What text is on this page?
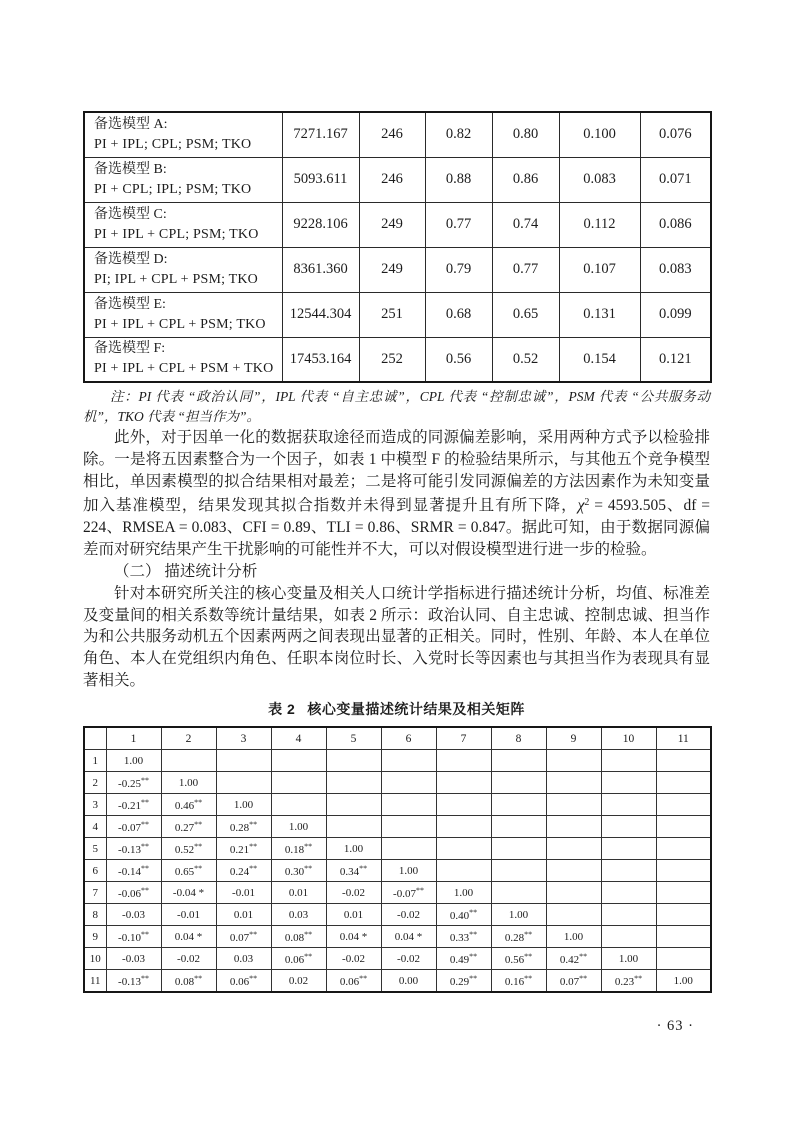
备选模型 A:
PI + IPL; CPL; PSM; TKO	7271.167	246	0.82	0.80	0.100	0.076

备选模型 B:
PI + CPL; IPL; PSM; TKO	5093.611	246	0.88	0.86	0.083	0.071

备选模型 C:
PI + IPL + CPL; PSM; TKO	9228.106	249	0.77	0.74	0.112	0.086

备选模型 D:
PI; IPL + CPL + PSM; TKO	8361.360	249	0.79	0.77	0.107	0.083

备选模型 E:
PI + IPL + CPL + PSM; TKO	12544.304	251	0.68	0.65	0.131	0.099

备选模型 F:
PI + IPL + CPL + PSM + TKO	17453.164	252	0.56	0.52	0.154	0.121

注：PI 代表 “政治认同”，IPL 代表 “自主忠诚”，CPL 代表 “控制忠诚”，PSM 代表 “公共服务动机”，TKO 代表 “担当作为”。

此外，对于因单一化的数据获取途径而造成的同源偏差影响，采用两种方式予以检验排除。一是将五因素整合为一个因子，如表 1 中模型 F 的检验结果所示，与其他五个竞争模型相比，单因素模型的拟合结果相对最差；二是将可能引发同源偏差的方法因素作为未知变量加入基准模型，结果发现其拟合指数并未得到显著提升且有所下降，$\chi^2 = 4593.505$、df = 224、RMSEA = 0.083、CFI = 0.89、TLI = 0.86、SRMR = 0.847。据此可知，由于数据同源偏差而对研究结果产生干扰影响的可能性并不大，可以对假设模型进行进一步的检验。

（二） 描述统计分析

针对本研究所关注的核心变量及相关人口统计学指标进行描述统计分析，均值、标准差及变量间的相关系数等统计量结果，如表 2 所示：政治认同、自主忠诚、控制忠诚、担当作为和公共服务动机五个因素两两之间表现出显著的正相关。同时，性别、年龄、本人在单位角色、本人在党组织内角色、任职本岗位时长、入党时长等因素也与其担当作为表现具有显著相关。

表 2 核心变量描述统计结果及相关矩阵
	1	2	3	4	5	6	7	8	9	10	11
1	1.00										
2	-0.25**	1.00									
3	-0.21**	0.46**	1.00								
4	-0.07**	0.27**	0.28**	1.00							
5	-0.13**	0.52**	0.21**	0.18**	1.00						
6	-0.14**	0.65**	0.24**	0.30**	0.34**	1.00					
7	-0.06**	-0.04 *	-0.01	0.01	-0.02	-0.07**	1.00				
8	-0.03	-0.01	0.01	0.03	0.01	-0.02	0.40**	1.00			
9	-0.10**	0.04 *	0.07**	0.08**	0.04 *	0.04 *	0.33**	0.28**	1.00		
10	-0.03	-0.02	0.03	0.06**	-0.02	-0.02	0.49**	0.56**	0.42**	1.00	
11	-0.13**	0.08**	0.06**	0.02	0.06**	0.00	0.29**	0.16**	0.07**	0.23**	1.00
· 63 ·
